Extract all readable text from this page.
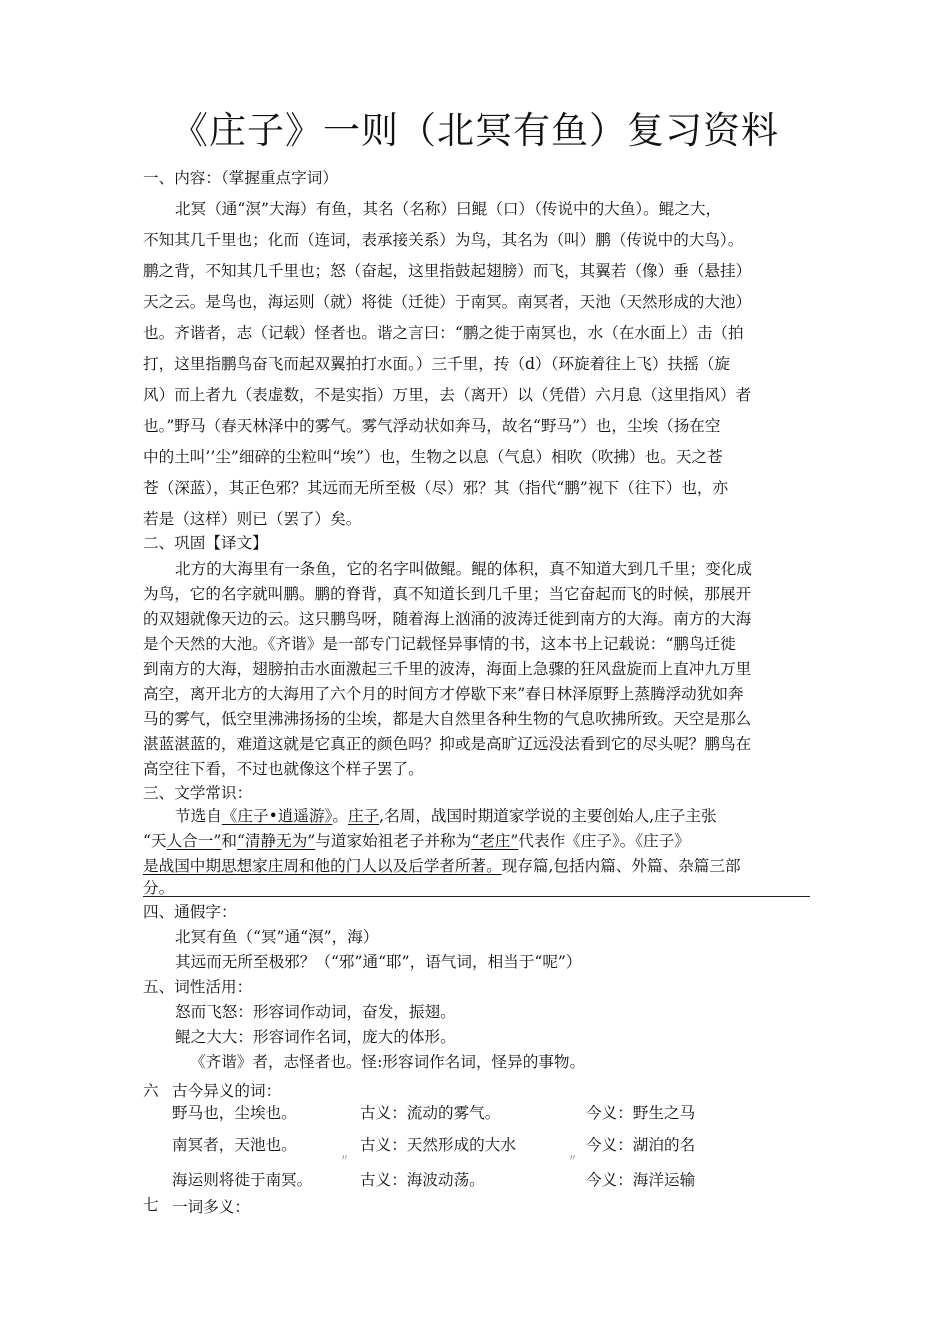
《庄子》一则（北冥有鱼）复习资料
一、内容：（掌握重点字词）
北冥（通“溟”大海）有鱼，其名（名称）曰鲲（口）（传说中的大鱼）。鲲之大，
不知其几千里也；化而（连词，表承接关系）为鸟，其名为（叫）鹏（传说中的大鸟）。
鹏之背，不知其几千里也；怒（奋起，这里指鼓起翅膀）而飞，其翼若（像）垂（悬挂）
天之云。是鸟也，海运则（就）将徙（迁徙）于南冥。南冥者，天池（天然形成的大池）
也。齐谐者，志（记载）怪者也。谐之言曰：“鹏之徙于南冥也，水（在水面上）击（拍
打，这里指鹏鸟奋飞而起双翼拍打水面。）三千里，抟（d）（环旋着往上飞）扶摇（旋
风）而上者九（表虚数，不是实指）万里，去（离开）以（凭借）六月息（这里指风）者
也。”野马（春天林泽中的雾气。雾气浮动状如奔马，故名“野马”）也，尘埃（扬在空
中的土叫’’尘”细碎的尘粒叫“埃”）也，生物之以息（气息）相吹（吹拂）也。天之苍
苍（深蓝），其正色邪？其远而无所至极（尽）邪？其（指代“鹏”视下（往下）也，亦
若是（这样）则已（罢了）矣。
二、巩固【译文】
北方的大海里有一条鱼，它的名字叫做鲲。鲲的体积，真不知道大到几千里；变化成
为鸟，它的名字就叫鹏。鹏的脊背，真不知道长到几千里；当它奋起而飞的时候，那展开
的双翅就像天边的云。这只鹏鸟呀，随着海上汹涌的波涛迁徙到南方的大海。南方的大海
是个天然的大池。《齐谐》是一部专门记载怪异事情的书，这本书上记载说：“鹏鸟迁徙
到南方的大海，翅膀拍击水面激起三千里的波涛，海面上急骤的狂风盘旋而上直冲九万里
高空，离开北方的大海用了六个月的时间方才停歇下来”春日林泽原野上蒸腾浮动犹如奔
马的雾气，低空里沸沸扬扬的尘埃，都是大自然里各种生物的气息吹拂所致。天空是那么
湛蓝湛蓝的，难道这就是它真正的颜色吗？抑或是高旷辽远没法看到它的尽头呢？鹏鸟在
高空往下看，不过也就像这个样子罢了。
三、文学常识：
节选自《庄子•逍遥游》。庄子,名周，战国时期道家学说的主要创始人,庄子主张
“天人合一”和“清静无为”与道家始祖老子并称为“老庄”代表作《庄子》。《庄子》
是战国中期思想家庄周和他的门人以及后学者所著。现存篇,包括内篇、外篇、杂篇三部
分。
四、通假字：
北冥有鱼（“冥”通“溟”，海）
其远而无所至极邪？（“邪”通“耶”，语气词，相当于“呢”）
五、词性活用：
怒而飞怒：形容词作动词，奋发，振翅。
鲲之大大：形容词作名词，庞大的体形。
《齐谐》者，志怪者也。怪:形容词作名词，怪异的事物。
六 古今异义的词：
野马也，尘埃也。	古义：流动的雾气。	今义：野生之马
南冥者，天池也。	古义：天然形成的大水	今义：湖泊的名
〃	〃
海运则将徙于南冥。	古义：海波动荡。	今义：海洋运输
七 一词多义：
